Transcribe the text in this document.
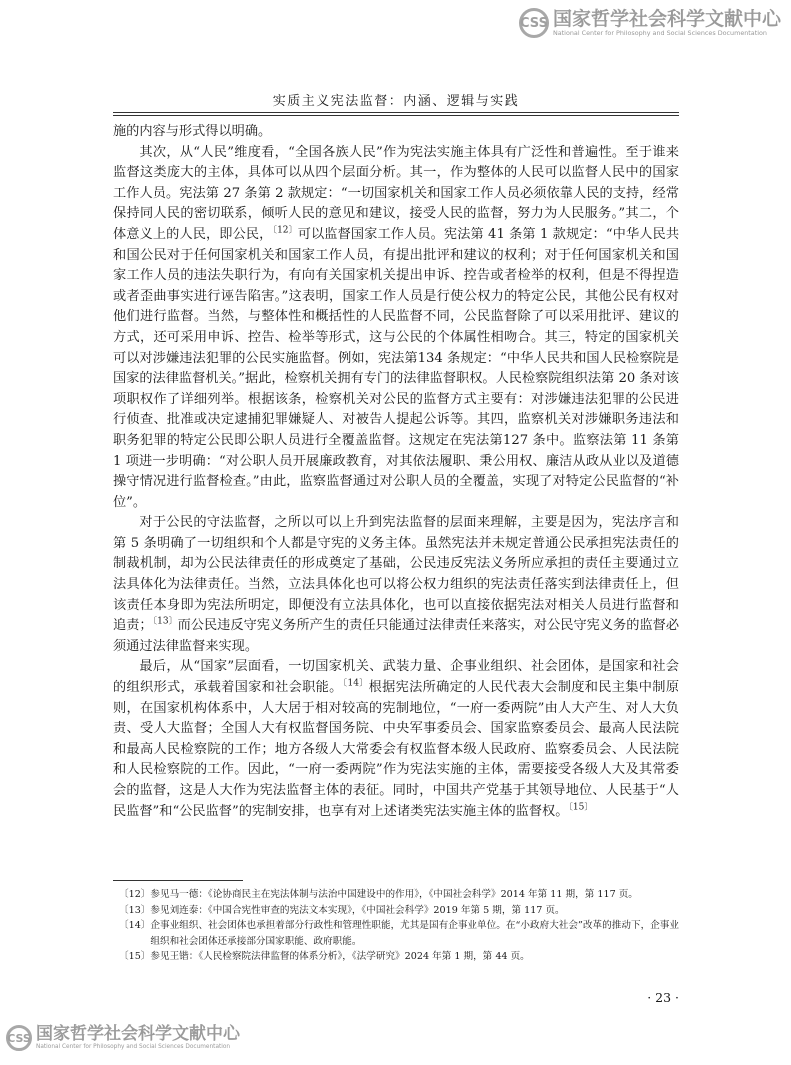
CSS 国家哲学社会科学文献中心
National Center for Philosophy and Social Sciences Documentation
实质主义宪法监督：内涵、逻辑与实践

施的内容与形式得以明确。

其次，从“人民”维度看，“全国各族人民”作为宪法实施主体具有广泛性和普遍性。至于谁来监督这类庞大的主体，具体可以从四个层面分析。其一，作为整体的人民可以监督人民中的国家工作人员。宪法第 27 条第 2 款规定：“一切国家机关和国家工作人员必须依靠人民的支持，经常保持同人民的密切联系，倾听人民的意见和建议，接受人民的监督，努力为人民服务。”其二，个体意义上的人民，即公民，$^{〔12〕}$可以监督国家工作人员。宪法第 41 条第 1 款规定：“中华人民共和国公民对于任何国家机关和国家工作人员，有提出批评和建议的权利；对于任何国家机关和国家工作人员的违法失职行为，有向有关国家机关提出申诉、控告或者检举的权利，但是不得捏造或者歪曲事实进行诬告陷害。”这表明，国家工作人员是行使公权力的特定公民，其他公民有权对他们进行监督。当然，与整体性和概括性的人民监督不同，公民监督除了可以采用批评、建议的方式，还可采用申诉、控告、检举等形式，这与公民的个体属性相吻合。其三，特定的国家机关可以对涉嫌违法犯罪的公民实施监督。例如，宪法第134 条规定：“中华人民共和国人民检察院是国家的法律监督机关。”据此，检察机关拥有专门的法律监督职权。人民检察院组织法第 20 条对该项职权作了详细列举。根据该条，检察机关对公民的监督方式主要有：对涉嫌违法犯罪的公民进行侦查、批准或决定逮捕犯罪嫌疑人、对被告人提起公诉等。其四，监察机关对涉嫌职务违法和职务犯罪的特定公民即公职人员进行全覆盖监督。这规定在宪法第127 条中。监察法第 11 条第 1 项进一步明确：“对公职人员开展廉政教育，对其依法履职、秉公用权、廉洁从政从业以及道德操守情况进行监督检查。”由此，监察监督通过对公职人员的全覆盖，实现了对特定公民监督的“补位”。

对于公民的守法监督，之所以可以上升到宪法监督的层面来理解，主要是因为，宪法序言和第 5 条明确了一切组织和个人都是守宪的义务主体。虽然宪法并未规定普通公民承担宪法责任的制裁机制，却为公民法律责任的形成奠定了基础，公民违反宪法义务所应承担的责任主要通过立法具体化为法律责任。当然，立法具体化也可以将公权力组织的宪法责任落实到法律责任上，但该责任本身即为宪法所明定，即便没有立法具体化，也可以直接依据宪法对相关人员进行监督和追责；$^{〔13〕}$而公民违反守宪义务所产生的责任只能通过法律责任来落实，对公民守宪义务的监督必须通过法律监督来实现。

最后，从“国家”层面看，一切国家机关、武装力量、企事业组织、社会团体，是国家和社会的组织形式，承载着国家和社会职能。$^{〔14〕}$根据宪法所确定的人民代表大会制度和民主集中制原则，在国家机构体系中，人大居于相对较高的宪制地位，“一府一委两院”由人大产生、对人大负责、受人大监督；全国人大有权监督国务院、中央军事委员会、国家监察委员会、最高人民法院和最高人民检察院的工作；地方各级人大常委会有权监督本级人民政府、监察委员会、人民法院和人民检察院的工作。因此，“一府一委两院”作为宪法实施的主体，需要接受各级人大及其常委会的监督，这是人大作为宪法监督主体的表征。同时，中国共产党基于其领导地位、人民基于“人民监督”和“公民监督”的宪制安排，也享有对上述诸类宪法实施主体的监督权。$^{〔15〕}$

〔12〕 参见马一德：《论协商民主在宪法体制与法治中国建设中的作用》，《中国社会科学》2014 年第 11 期，第 117 页。
〔13〕 参见刘连泰：《中国合宪性审查的宪法文本实现》，《中国社会科学》2019 年第 5 期，第 117 页。
〔14〕 企事业组织、社会团体也承担着部分行政性和管理性职能，尤其是国有企事业单位。在“小政府大社会”改革的推动下，企事业组织和社会团体还承接部分国家职能、政府职能。
〔15〕 参见王锴：《人民检察院法律监督的体系分析》，《法学研究》2024 年第 1 期，第 44 页。
· 23 ·
CSS 国家哲学社会科学文献中心
National Center for Philosophy and Social Sciences Documentation
